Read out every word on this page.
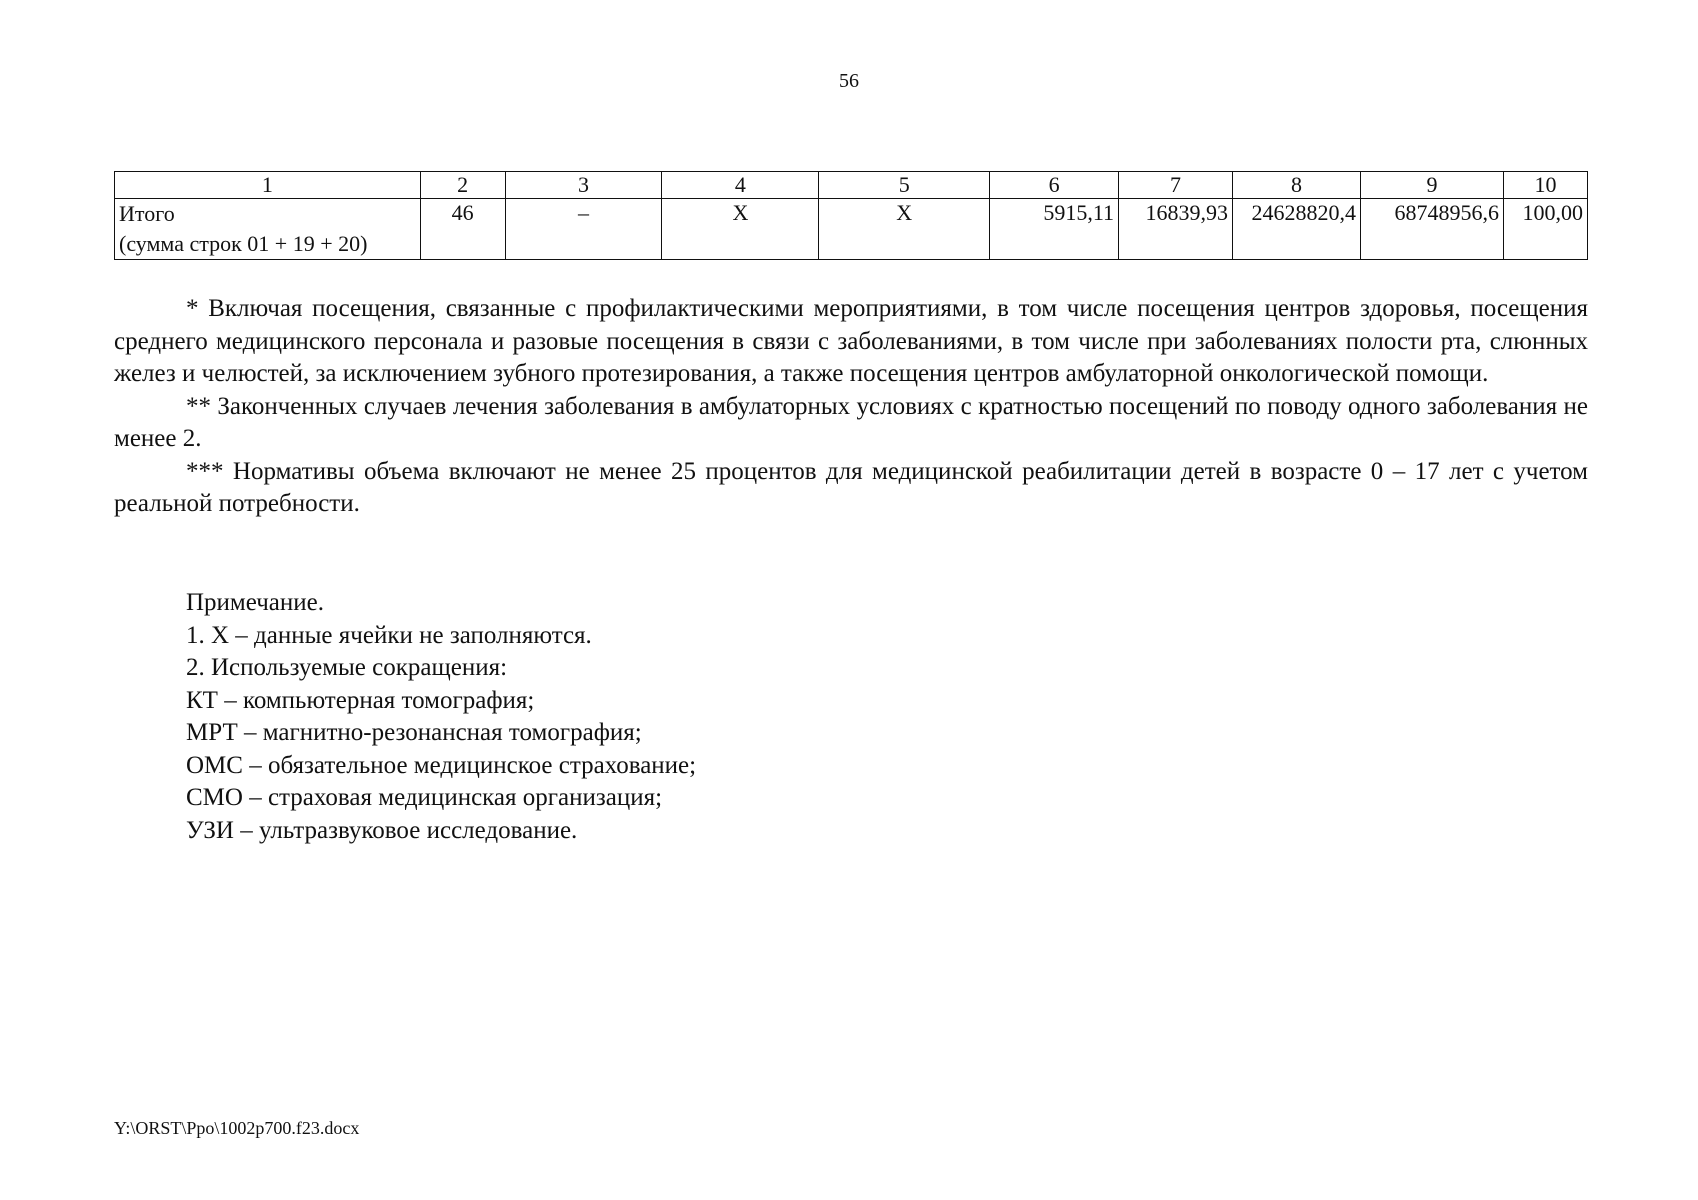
56
1	2	3	4	5	6	7	8	9	10

Итого
(сумма строк 01 + 19 + 20)	46	–	Х	Х	5915,11	16839,93	24628820,4	68748956,6	100,00

* Включая посещения, связанные с профилактическими мероприятиями, в том числе посещения центров здоровья, посещения среднего медицинского персонала и разовые посещения в связи с заболеваниями, в том числе при заболеваниях полости рта, слюнных желез и челюстей, за исключением зубного протезирования, а также посещения центров амбулаторной онкологической помощи.

** Законченных случаев лечения заболевания в амбулаторных условиях с кратностью посещений по поводу одного заболевания не менее 2.

*** Нормативы объема включают не менее 25 процентов для медицинской реабилитации детей в возрасте 0 – 17 лет с учетом реальной потребности.

Примечание.
1. Х – данные ячейки не заполняются.
2. Используемые сокращения:
КТ – компьютерная томография;
МРТ – магнитно-резонансная томография;
ОМС – обязательное медицинское страхование;
СМО – страховая медицинская организация;
УЗИ – ультразвуковое исследование.
Y:\ORST\Ppo\1002p700.f23.docx
